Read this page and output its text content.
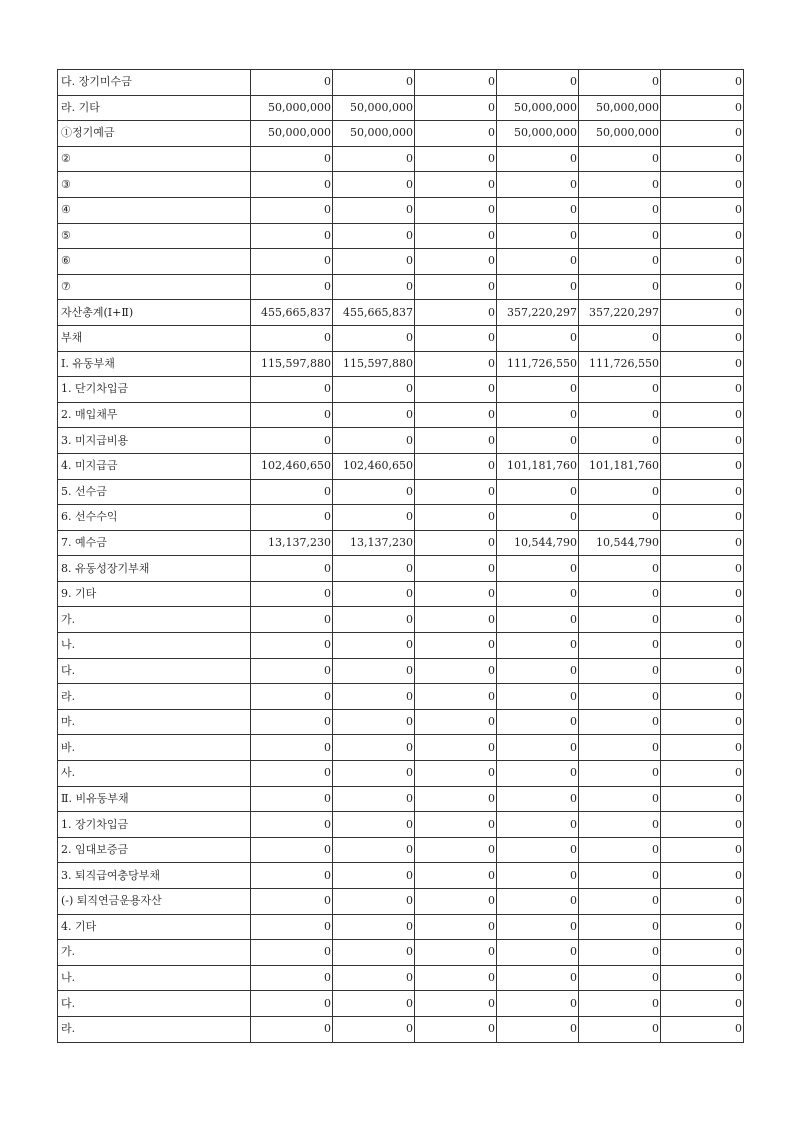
다. 장기미수금	0	0	0	0	0	0
라. 기타	50,000,000	50,000,000	0	50,000,000	50,000,000	0
①정기예금	50,000,000	50,000,000	0	50,000,000	50,000,000	0
②	0	0	0	0	0	0
③	0	0	0	0	0	0
④	0	0	0	0	0	0
⑤	0	0	0	0	0	0
⑥	0	0	0	0	0	0
⑦	0	0	0	0	0	0
자산총계(Ⅰ+Ⅱ)	455,665,837	455,665,837	0	357,220,297	357,220,297	0
부채	0	0	0	0	0	0
Ⅰ. 유동부채	115,597,880	115,597,880	0	111,726,550	111,726,550	0
1. 단기차입금	0	0	0	0	0	0
2. 매입채무	0	0	0	0	0	0
3. 미지급비용	0	0	0	0	0	0
4. 미지급금	102,460,650	102,460,650	0	101,181,760	101,181,760	0
5. 선수금	0	0	0	0	0	0
6. 선수수익	0	0	0	0	0	0
7. 예수금	13,137,230	13,137,230	0	10,544,790	10,544,790	0
8. 유동성장기부채	0	0	0	0	0	0
9. 기타	0	0	0	0	0	0
가.	0	0	0	0	0	0
나.	0	0	0	0	0	0
다.	0	0	0	0	0	0
라.	0	0	0	0	0	0
마.	0	0	0	0	0	0
바.	0	0	0	0	0	0
사.	0	0	0	0	0	0
Ⅱ. 비유동부채	0	0	0	0	0	0
1. 장기차입금	0	0	0	0	0	0
2. 임대보증금	0	0	0	0	0	0
3. 퇴직급여충당부채	0	0	0	0	0	0
(-) 퇴직연금운용자산	0	0	0	0	0	0
4. 기타	0	0	0	0	0	0
가.	0	0	0	0	0	0
나.	0	0	0	0	0	0
다.	0	0	0	0	0	0
라.	0	0	0	0	0	0
